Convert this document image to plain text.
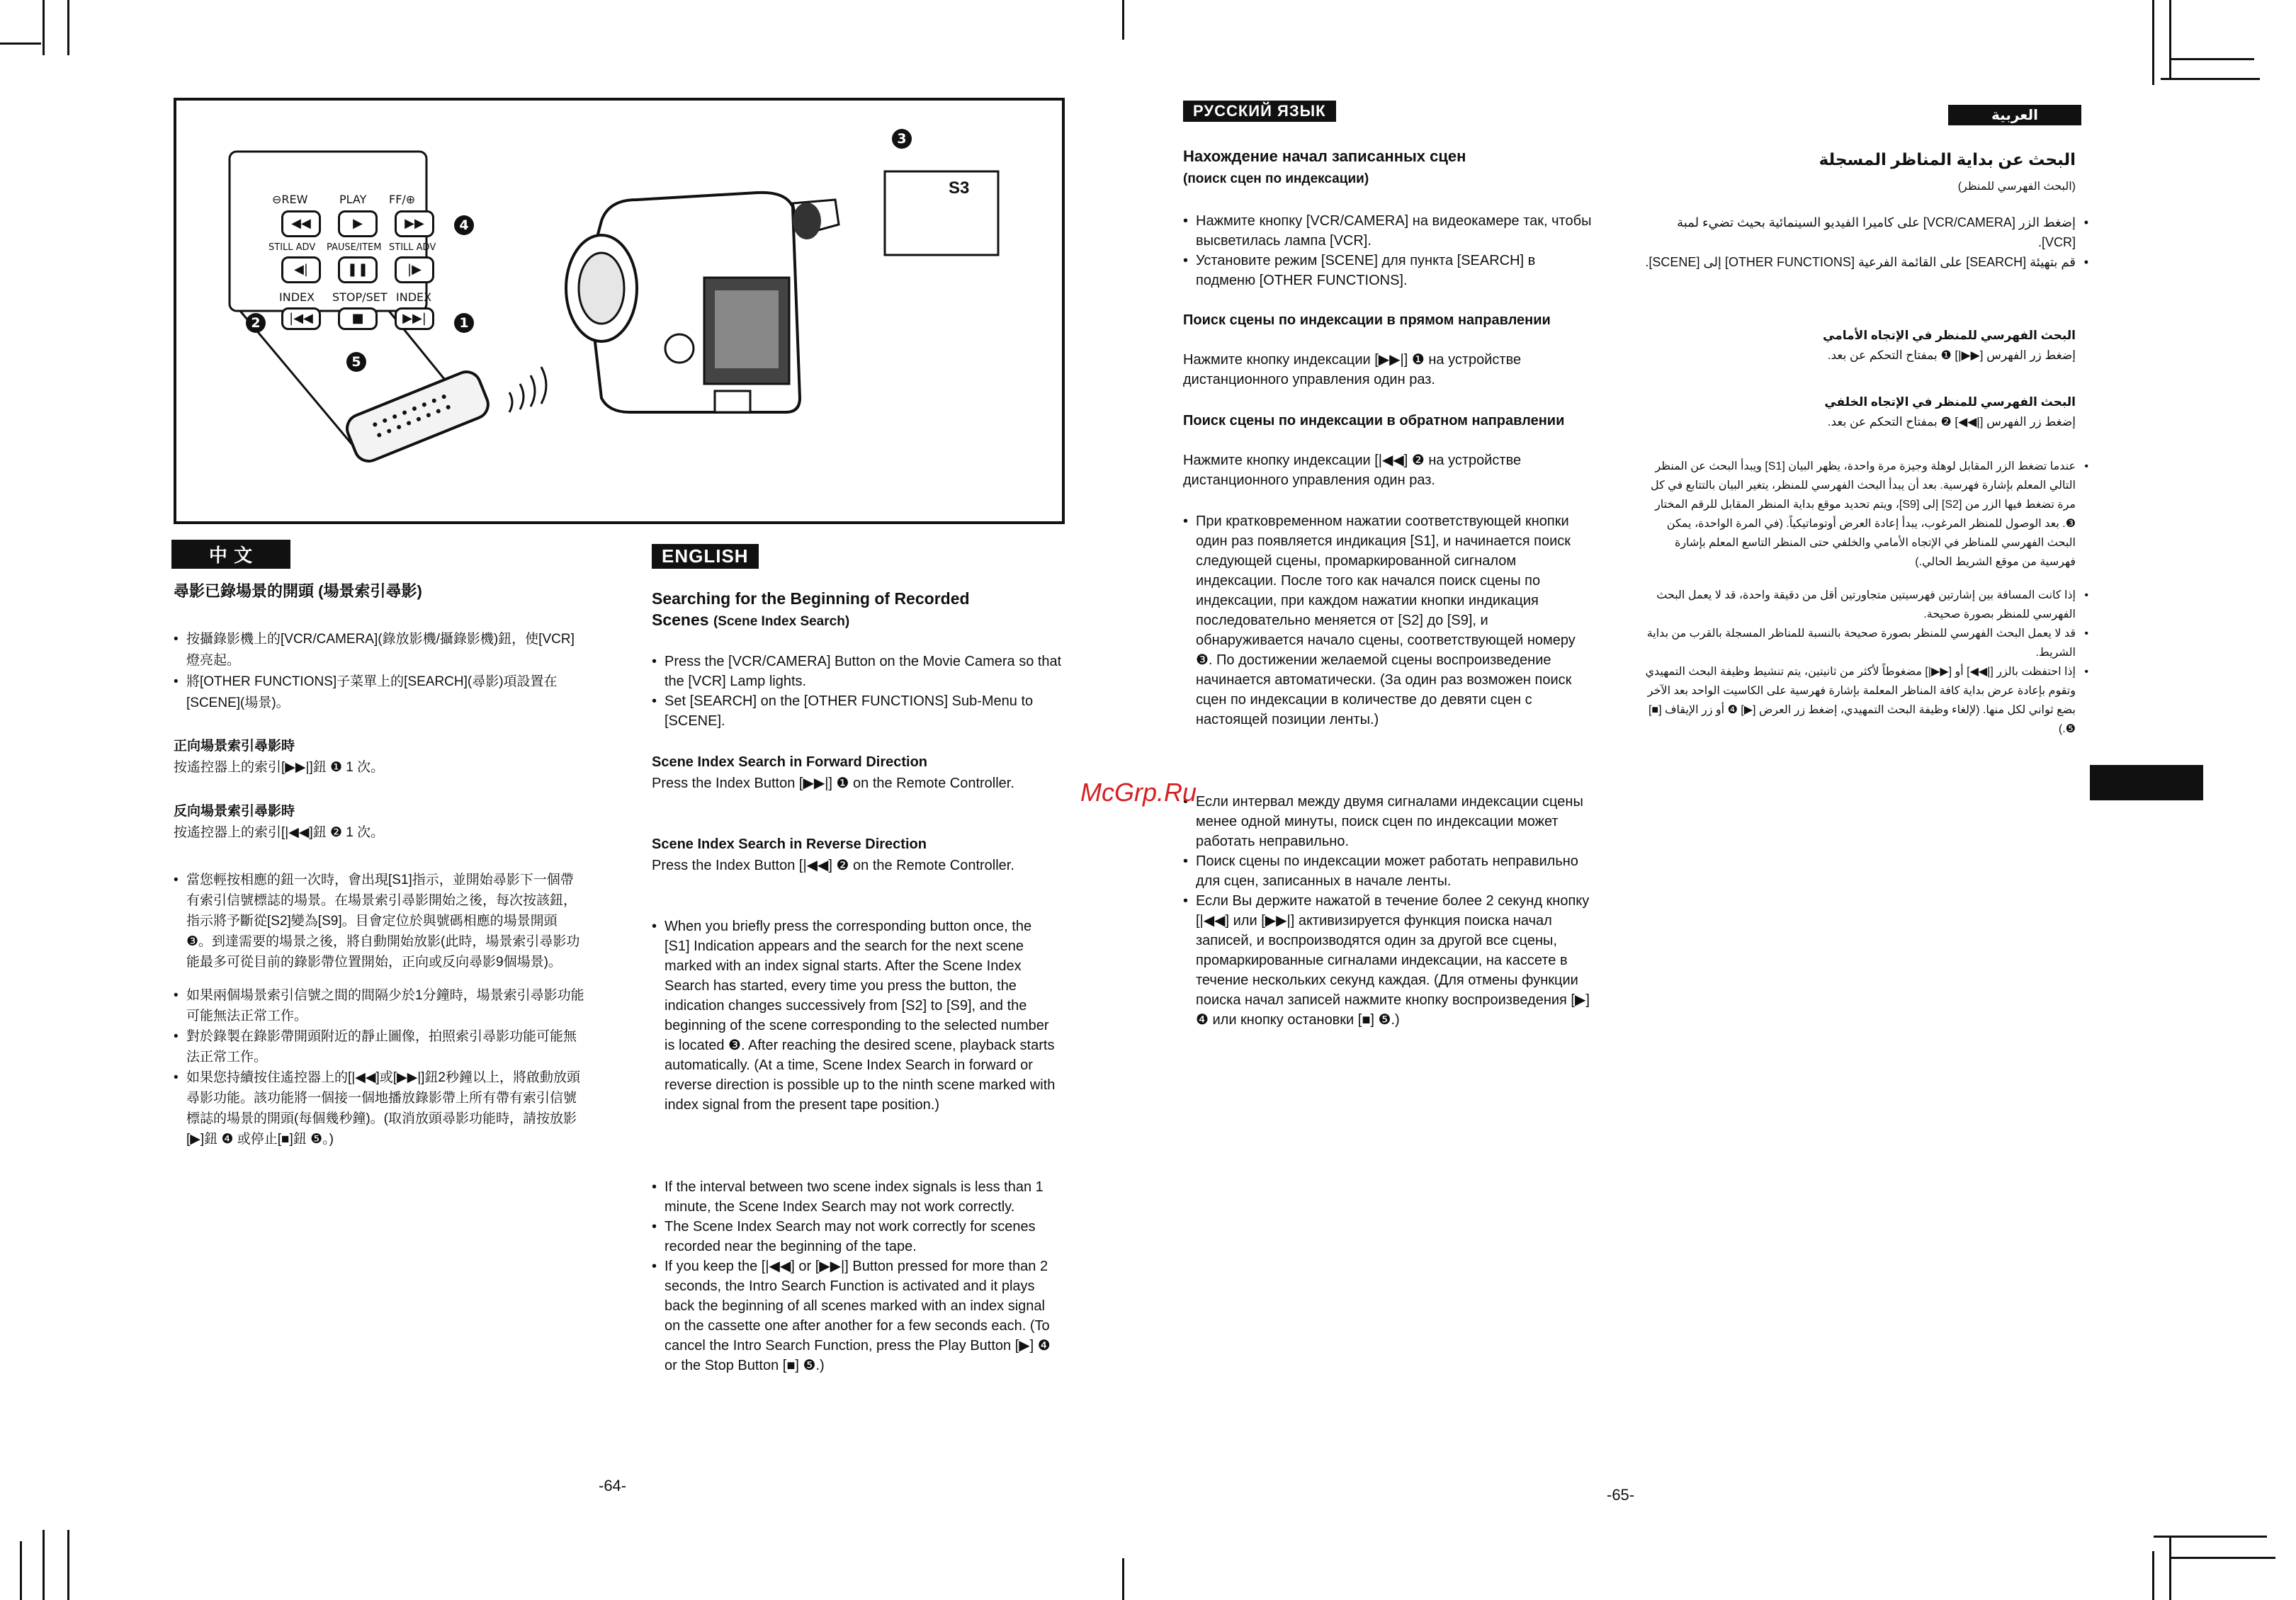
⊖REW	PLAY FF/⊕
◀◀	▶	▶▶
STILL ADV PAUSE/ITEM STILL ADV
◀|	❚❚	|▶
INDEX STOP/SET INDEX
|◀◀	■	▶▶|	1
2
3
4
5
S3
中 文
尋影已錄場景的開頭 (場景索引尋影)
• 按攝錄影機上的[VCR/CAMERA](錄放影機/攝錄影機)鈕，使[VCR]燈亮起。
• 將[OTHER FUNCTIONS]子菜單上的[SEARCH](尋影)項設置在[SCENE](場景)。
正向場景索引尋影時
按遙控器上的索引[▶▶|]鈕 ❶ 1 次。
反向場景索引尋影時
按遙控器上的索引[|◀◀]鈕 ❷ 1 次。
• 當您輕按相應的鈕一次時，會出現[S1]指示，並開始尋影下一個帶有索引信號標誌的場景。在場景索引尋影開始之後，每次按該鈕，指示將予斷從[S2]變為[S9]。目會定位於與號碼相應的場景開頭 ❸。到達需要的場景之後，將自動開始放影(此時，場景索引尋影功能最多可從目前的錄影帶位置開始，正向或反向尋影9個場景)。
• 如果兩個場景索引信號之間的間隔少於1分鐘時，場景索引尋影功能可能無法正常工作。
• 對於錄製在錄影帶開頭附近的靜止圖像，拍照索引尋影功能可能無法正常工作。
• 如果您持續按住遙控器上的[|◀◀]或[▶▶|]鈕2秒鐘以上，將啟動放頭尋影功能。該功能將一個接一個地播放錄影帶上所有帶有索引信號標誌的場景的開頭(每個幾秒鐘)。(取消放頭尋影功能時，請按放影[▶]鈕 ❹ 或停止[■]鈕 ❺。)
ENGLISH
Searching for the Beginning of Recorded
Scenes (Scene Index Search)
• Press the [VCR/CAMERA] Button on the Movie Camera so that the [VCR] Lamp lights.
• Set [SEARCH] on the [OTHER FUNCTIONS] Sub-Menu to [SCENE].
Scene Index Search in Forward Direction
Press the Index Button [▶▶|] ❶ on the Remote Controller.
Scene Index Search in Reverse Direction
Press the Index Button [|◀◀] ❷ on the Remote Controller.
• When you briefly press the corresponding button once, the [S1] Indication appears and the search for the next scene marked with an index signal starts. After the Scene Index Search has started, every time you press the button, the indication changes successively from [S2] to [S9], and the beginning of the scene corresponding to the selected number is located ❸. After reaching the desired scene, playback starts automatically. (At a time, Scene Index Search in forward or reverse direction is possible up to the ninth scene marked with index signal from the present tape position.)
• If the interval between two scene index signals is less than 1 minute, the Scene Index Search may not work correctly.
• The Scene Index Search may not work correctly for scenes recorded near the beginning of the tape.
• If you keep the [|◀◀] or [▶▶|] Button pressed for more than 2 seconds, the Intro Search Function is activated and it plays back the beginning of all scenes marked with an index signal on the cassette one after another for a few seconds each. (To cancel the Intro Search Function, press the Play Button [▶] ❹ or the Stop Button [■] ❺.)
-64-
РУССКИЙ ЯЗЫК
Нахождение начал записанных сцен
(поиск сцен по индексации)
• Нажмите кнопку [VCR/CAMERA] на видеокамере так, чтобы высветилась лампа [VCR].
• Установите режим [SCENE] для пункта [SEARCH] в подменю [OTHER FUNCTIONS].
Поиск сцены по индексации в прямом направлении
Нажмите кнопку индексации [▶▶|] ❶ на устройстве дистанционного управления один раз.
Поиск сцены по индексации в обратном направлении
Нажмите кнопку индексации [|◀◀] ❷ на устройстве дистанционного управления один раз.
• При кратковременном нажатии соответствующей кнопки один раз появляется индикация [S1], и начинается поиск следующей сцены, промаркированной сигналом индексации. После того как начался поиск сцены по индексации, при каждом нажатии кнопки индикация последовательно меняется от [S2] до [S9], и обнаруживается начало сцены, соответствующей номеру ❸. По достижении желаемой сцены воспроизведение начинается автоматически. (За один раз возможен поиск сцен по индексации в количестве до девяти сцен с настоящей позиции ленты.)
• Если интервал между двумя сигналами индексации сцены менее одной минуты, поиск сцен по индексации может работать неправильно.
• Поиск сцены по индексации может работать неправильно для сцен, записанных в начале ленты.
• Если Вы держите нажатой в течение более 2 секунд кнопку [|◀◀] или [▶▶|] активизируется функция поиска начал записей, и воспроизводятся один за другой все сцены, промаркированные сигналами индексации, на кассете в течение нескольких секунд каждая. (Для отмены функции поиска начал записей нажмите кнопку воспроизведения [▶] ❹ или кнопку остановки [■] ❺.)
-65-
McGrp.Ru
العربية
البحث عن بداية المناظر المسجلة
(البحث الفهرسي للمنظر)
• إضغط الزر [VCR/CAMERA] على كاميرا الفيديو السينمائية بحيث تضيء لمبة [VCR].
• قم بتهيئة [SEARCH] على القائمة الفرعية [OTHER FUNCTIONS] إلى [SCENE].
البحث الفهرسي للمنظر في الإتجاه الأمامي
إضغط زر الفهرس [▶▶|] ❶ بمفتاح التحكم عن بعد.
البحث الفهرسي للمنظر في الإتجاه الخلفي
إضغط زر الفهرس [|◀◀] ❷ بمفتاح التحكم عن بعد.
• عندما تضغط الزر المقابل لوهلة وجيزة مرة واحدة، يظهر البيان [S1] ويبدأ البحث عن المنظر التالي المعلم بإشارة فهرسية. بعد أن يبدأ البحث الفهرسي للمنظر، يتغير البيان بالتتابع في كل مرة تضغط فيها الزر من [S2] إلى [S9]، ويتم تحديد موقع بداية المنظر المقابل للرقم المختار ❸. بعد الوصول للمنظر المرغوب، يبدأ إعادة العرض أوتوماتيكياً. (في المرة الواحدة، يمكن البحث الفهرسي للمناظر في الإتجاه الأمامي والخلفي حتى المنظر التاسع المعلم بإشارة فهرسية من موقع الشريط الحالي.)
• إذا كانت المسافة بين إشارتين فهرسيتين متجاورتين أقل من دقيقة واحدة، قد لا يعمل البحث الفهرسي للمنظر بصورة صحيحة.
• قد لا يعمل البحث الفهرسي للمنظر بصورة صحيحة بالنسبة للمناظر المسجلة بالقرب من بداية الشريط.
• إذا احتفظت بالزر [|◀◀] أو [▶▶|] مضغوطاً لأكثر من ثانيتين، يتم تنشيط وظيفة البحث التمهيدي وتقوم بإعادة عرض بداية كافة المناظر المعلمة بإشارة فهرسية على الكاسيت الواحد بعد الآخر بضع ثواني لكل منها. (لإلغاء وظيفة البحث التمهيدي، إضغط زر العرض [▶] ❹ أو زر الإيقاف [■] ❺.)
